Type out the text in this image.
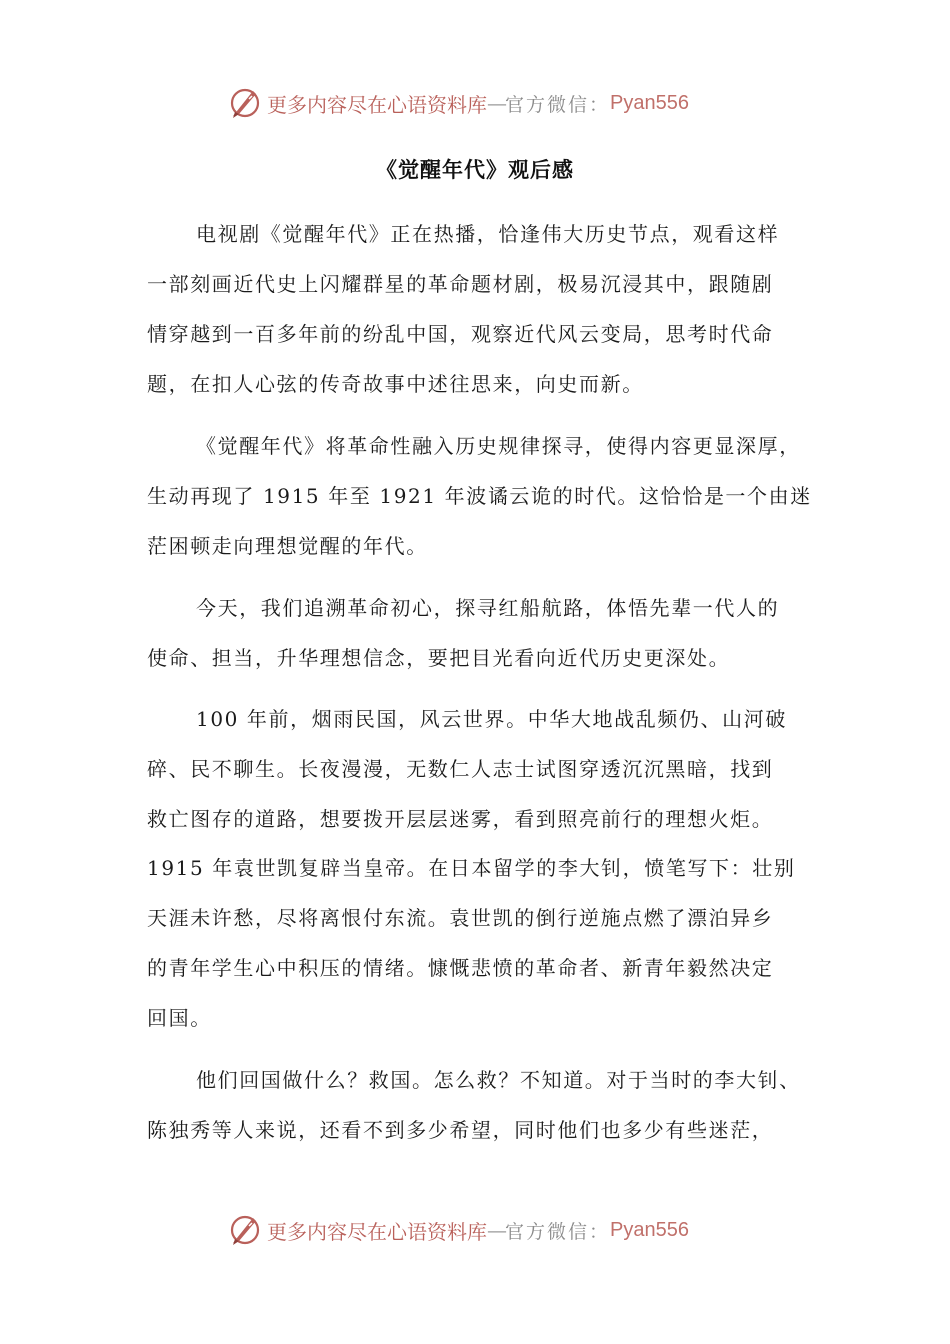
更多内容尽在心语资料库 — 官方微信： Pyan556
《觉醒年代》观后感
电视剧《觉醒年代》正在热播，恰逢伟大历史节点，观看这样
一部刻画近代史上闪耀群星的革命题材剧，极易沉浸其中，跟随剧
情穿越到一百多年前的纷乱中国，观察近代风云变局，思考时代命
题，在扣人心弦的传奇故事中述往思来，向史而新。
《觉醒年代》将革命性融入历史规律探寻，使得内容更显深厚，
生动再现了 1915 年至 1921 年波谲云诡的时代。这恰恰是一个由迷
茫困顿走向理想觉醒的年代。
今天，我们追溯革命初心，探寻红船航路，体悟先辈一代人的
使命、担当，升华理想信念，要把目光看向近代历史更深处。
100 年前，烟雨民国，风云世界。中华大地战乱频仍、山河破
碎、民不聊生。长夜漫漫，无数仁人志士试图穿透沉沉黑暗，找到
救亡图存的道路，想要拨开层层迷雾，看到照亮前行的理想火炬。
1915 年袁世凯复辟当皇帝。在日本留学的李大钊，愤笔写下：壮别
天涯未许愁，尽将离恨付东流。袁世凯的倒行逆施点燃了漂泊异乡
的青年学生心中积压的情绪。慷慨悲愤的革命者、新青年毅然决定
回国。
他们回国做什么？救国。怎么救？不知道。对于当时的李大钊、
陈独秀等人来说，还看不到多少希望，同时他们也多少有些迷茫，
更多内容尽在心语资料库 — 官方微信： Pyan556
